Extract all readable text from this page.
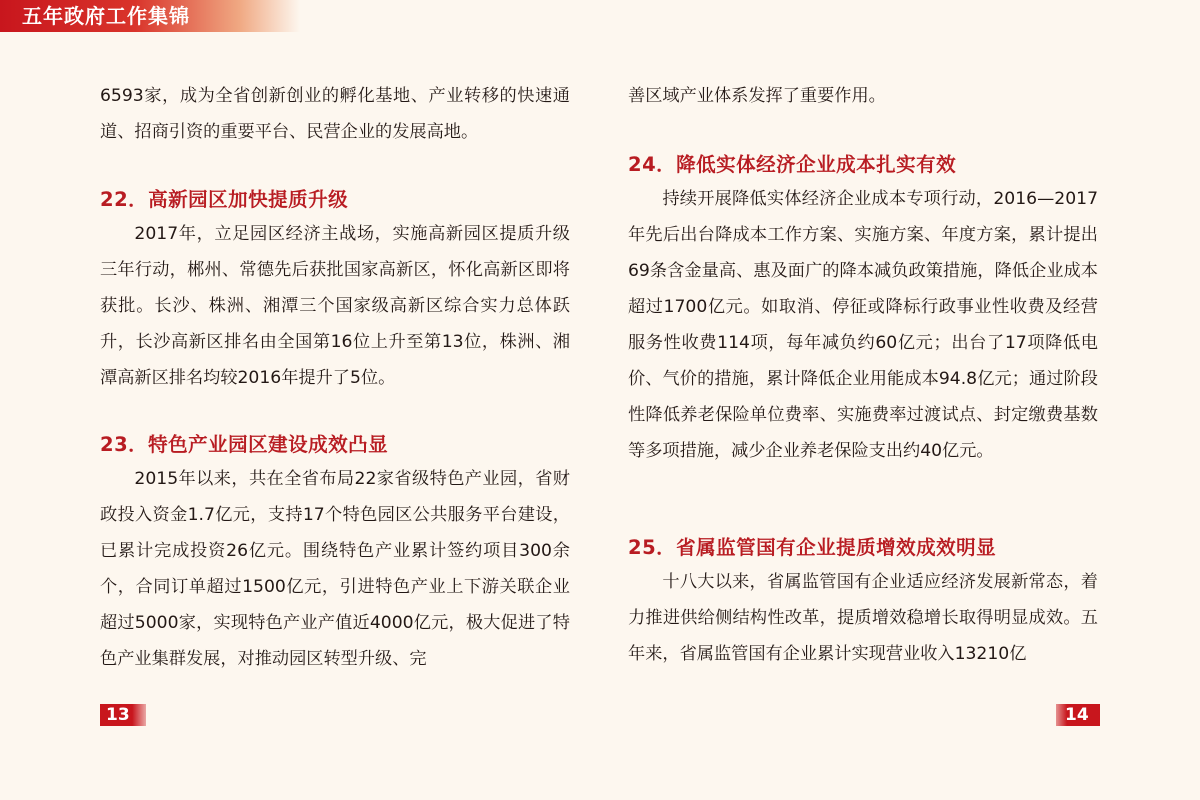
五年政府工作集锦

6593家，成为全省创新创业的孵化基地、产业转移的快速通道、招商引资的重要平台、民营企业的发展高地。

22．高新园区加快提质升级

2017年，立足园区经济主战场，实施高新园区提质升级三年行动，郴州、常德先后获批国家高新区，怀化高新区即将获批。长沙、株洲、湘潭三个国家级高新区综合实力总体跃升，长沙高新区排名由全国第16位上升至第13位，株洲、湘潭高新区排名均较2016年提升了5位。

23．特色产业园区建设成效凸显

2015年以来，共在全省布局22家省级特色产业园，省财政投入资金1.7亿元，支持17个特色园区公共服务平台建设，已累计完成投资26亿元。围绕特色产业累计签约项目300余个，合同订单超过1500亿元，引进特色产业上下游关联企业超过5000家，实现特色产业产值近4000亿元，极大促进了特色产业集群发展，对推动园区转型升级、完

善区域产业体系发挥了重要作用。

24．降低实体经济企业成本扎实有效

持续开展降低实体经济企业成本专项行动，2016—2017年先后出台降成本工作方案、实施方案、年度方案，累计提出69条含金量高、惠及面广的降本减负政策措施，降低企业成本超过1700亿元。如取消、停征或降标行政事业性收费及经营服务性收费114项，每年减负约60亿元；出台了17项降低电价、气价的措施，累计降低企业用能成本94.8亿元；通过阶段性降低养老保险单位费率、实施费率过渡试点、封定缴费基数等多项措施，减少企业养老保险支出约40亿元。

25．省属监管国有企业提质增效成效明显

十八大以来，省属监管国有企业适应经济发展新常态，着力推进供给侧结构性改革，提质增效稳增长取得明显成效。五年来，省属监管国有企业累计实现营业收入13210亿

13	14
